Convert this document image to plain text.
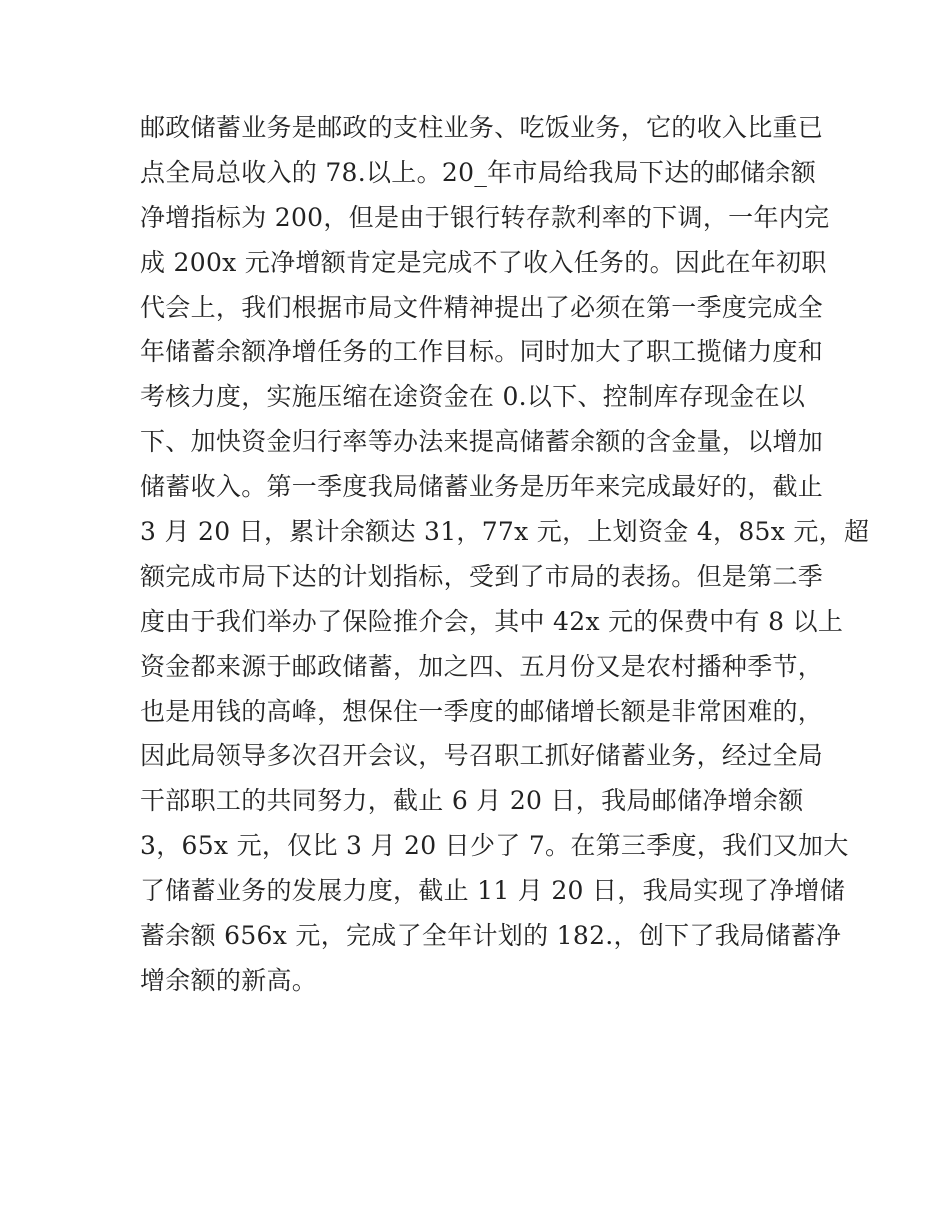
邮政储蓄业务是邮政的支柱业务、吃饭业务，它的收入比重已
点全局总收入的 78.以上。20_年市局给我局下达的邮储余额
净增指标为 200，但是由于银行转存款利率的下调，一年内完
成 200x 元净增额肯定是完成不了收入任务的。因此在年初职
代会上，我们根据市局文件精神提出了必须在第一季度完成全
年储蓄余额净增任务的工作目标。同时加大了职工揽储力度和
考核力度，实施压缩在途资金在 0.以下、控制库存现金在以
下、加快资金归行率等办法来提高储蓄余额的含金量，以增加
储蓄收入。第一季度我局储蓄业务是历年来完成最好的，截止
3 月 20 日，累计余额达 31，77x 元，上划资金 4，85x 元，超
额完成市局下达的计划指标，受到了市局的表扬。但是第二季
度由于我们举办了保险推介会，其中 42x 元的保费中有 8 以上
资金都来源于邮政储蓄，加之四、五月份又是农村播种季节，
也是用钱的高峰，想保住一季度的邮储增长额是非常困难的，
因此局领导多次召开会议，号召职工抓好储蓄业务，经过全局
干部职工的共同努力，截止 6 月 20 日，我局邮储净增余额
3，65x 元，仅比 3 月 20 日少了 7。在第三季度，我们又加大
了储蓄业务的发展力度，截止 11 月 20 日，我局实现了净增储
蓄余额 656x 元，完成了全年计划的 182.，创下了我局储蓄净
增余额的新高。
